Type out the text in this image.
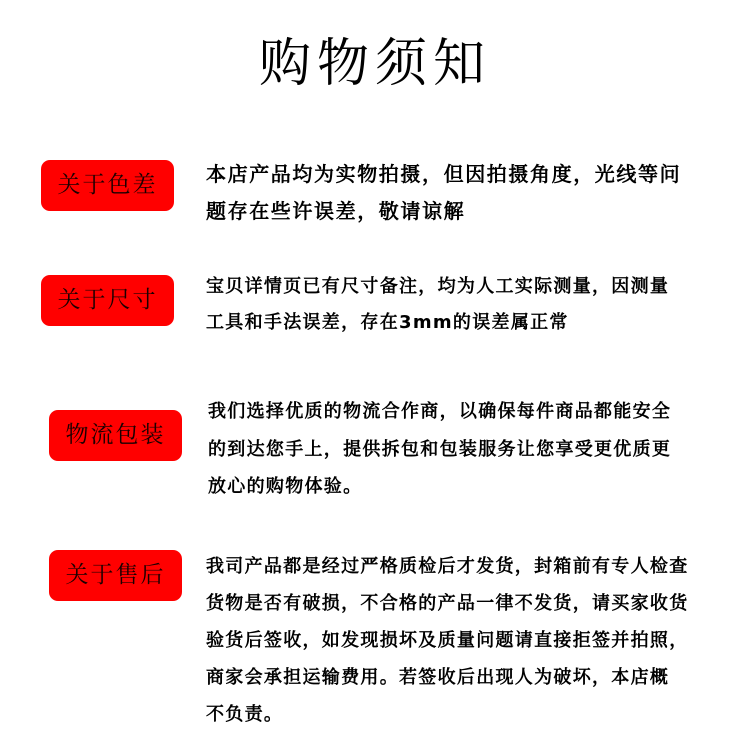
购物须知
关于色差	本店产品均为实物拍摄，但因拍摄角度，光线等问
题存在些许误差，敬请谅解
关于尺寸
宝贝详情页已有尺寸备注，均为人工实际测量，因测量
工具和手法误差，存在3mm的误差属正常
物流包装
我们选择优质的物流合作商，以确保每件商品都能安全
的到达您手上，提供拆包和包装服务让您享受更优质更
放心的购物体验。
关于售后	我司产品都是经过严格质检后才发货，封箱前有专人检查
货物是否有破损，不合格的产品一律不发货，请买家收货
验货后签收，如发现损坏及质量问题请直接拒签并拍照，
商家会承担运输费用。若签收后出现人为破坏，本店概
不负责。
